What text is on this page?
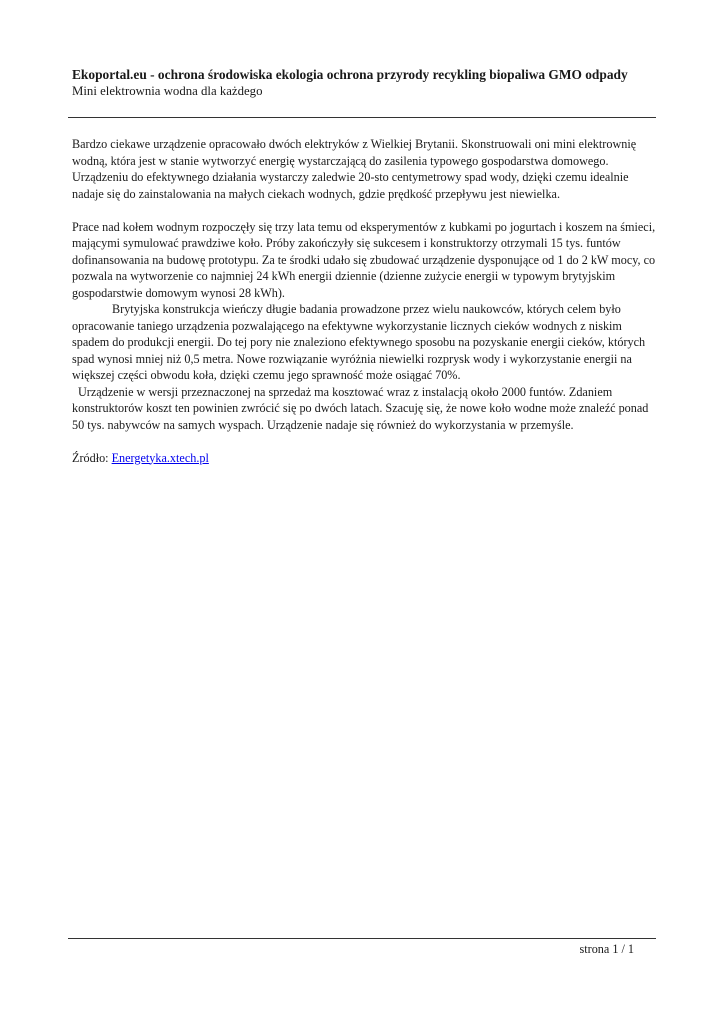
Ekoportal.eu - ochrona środowiska ekologia ochrona przyrody recykling biopaliwa GMO odpady

Mini elektrownia wodna dla każdego

Bardzo ciekawe urządzenie opracowało dwóch elektryków z Wielkiej Brytanii. Skonstruowali oni mini elektrownię wodną, która jest w stanie wytworzyć energię wystarczającą do zasilenia typowego gospodarstwa domowego. Urządzeniu do efektywnego działania wystarczy zaledwie 20-sto centymetrowy spad wody, dzięki czemu idealnie nadaje się do zainstalowania na małych ciekach wodnych, gdzie prędkość przepływu jest niewielka.

Prace nad kołem wodnym rozpoczęły się trzy lata temu od eksperymentów z kubkami po jogurtach i koszem na śmieci, mającymi symulować prawdziwe koło. Próby zakończyły się sukcesem i konstruktorzy otrzymali 15 tys. funtów dofinansowania na budowę prototypu. Za te środki udało się zbudować urządzenie dysponujące od 1 do 2 kW mocy, co pozwala na wytworzenie co najmniej 24 kWh energii dziennie (dzienne zużycie energii w typowym brytyjskim gospodarstwie domowym wynosi 28 kWh).

Brytyjska konstrukcja wieńczy długie badania prowadzone przez wielu naukowców, których celem było opracowanie taniego urządzenia pozwalającego na efektywne wykorzystanie licznych cieków wodnych z niskim spadem do produkcji energii. Do tej pory nie znaleziono efektywnego sposobu na pozyskanie energii cieków, których spad wynosi mniej niż 0,5 metra. Nowe rozwiązanie wyróżnia niewielki rozprysk wody i wykorzystanie energii na większej części obwodu koła, dzięki czemu jego sprawność może osiągać 70%.

Urządzenie w wersji przeznaczonej na sprzedaż ma kosztować wraz z instalacją około 2000 funtów. Zdaniem konstruktorów koszt ten powinien zwrócić się po dwóch latach. Szacuję się, że nowe koło wodne może znaleźć ponad 50 tys. nabywców na samych wyspach. Urządzenie nadaje się również do wykorzystania w przemyśle.

Źródło: Energetyka.xtech.pl

strona 1 / 1
